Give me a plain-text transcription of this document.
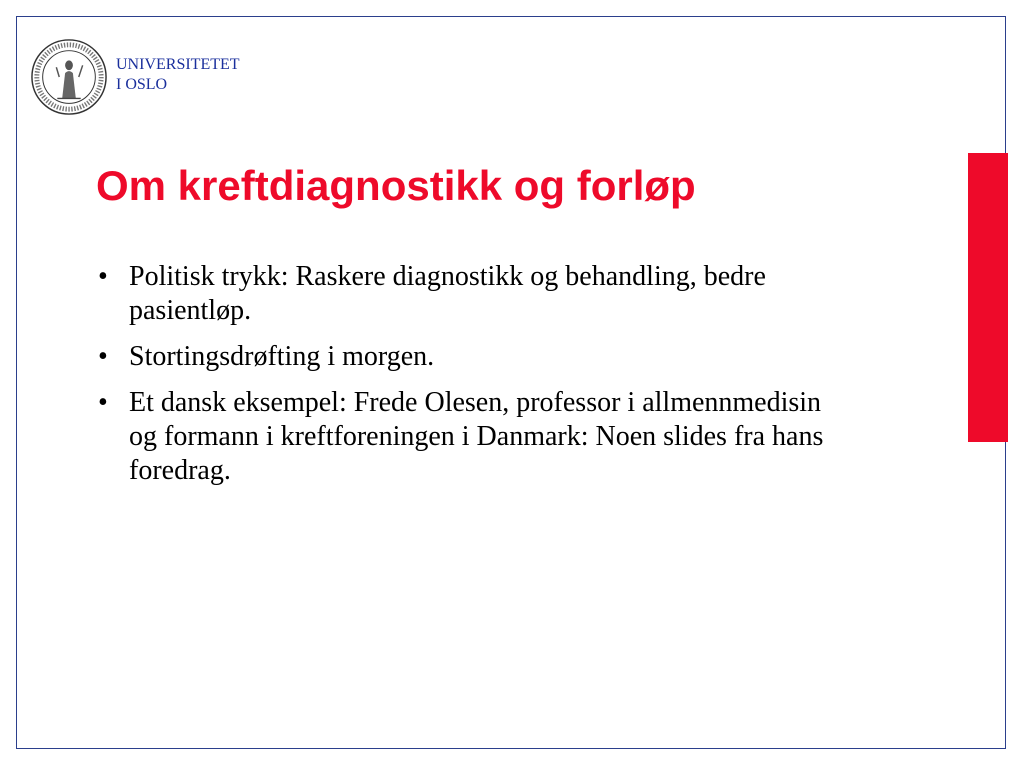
UNIVERSITETET
I OSLO
Om kreftdiagnostikk og forløp
• Politisk trykk: Raskere diagnostikk og behandling, bedre pasientløp.
• Stortingsdrøfting i morgen.
• Et dansk eksempel: Frede Olesen, professor i allmennmedisin og formann i kreftforeningen i Danmark: Noen slides fra hans foredrag.
